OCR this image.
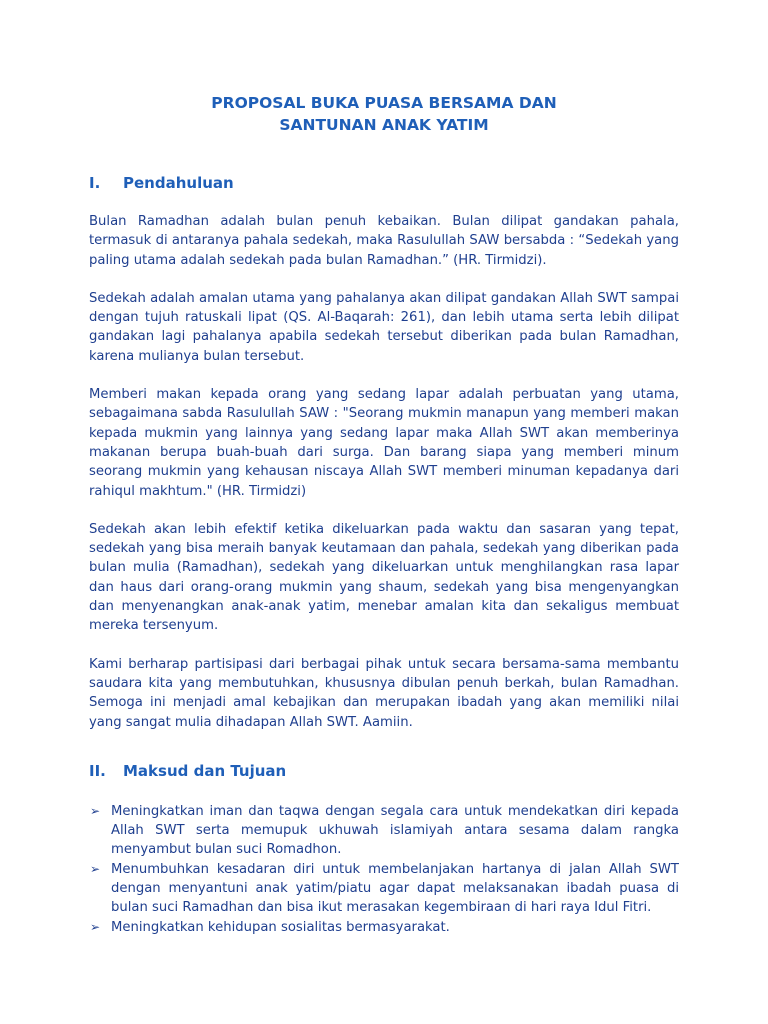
PROPOSAL BUKA PUASA BERSAMA DAN
SANTUNAN ANAK YATIM
I.	Pendahuluan

Bulan Ramadhan adalah bulan penuh kebaikan. Bulan dilipat gandakan pahala, termasuk di antaranya pahala sedekah, maka Rasulullah SAW bersabda : “Sedekah yang paling utama adalah sedekah pada bulan Ramadhan.” (HR. Tirmidzi).

Sedekah adalah amalan utama yang pahalanya akan dilipat gandakan Allah SWT sampai dengan tujuh ratuskali lipat (QS. Al-Baqarah: 261), dan lebih utama serta lebih dilipat gandakan lagi pahalanya apabila sedekah tersebut diberikan pada bulan Ramadhan, karena mulianya bulan tersebut.

Memberi makan kepada orang yang sedang lapar adalah perbuatan yang utama, sebagaimana sabda Rasulullah SAW : "Seorang mukmin manapun yang memberi makan kepada mukmin yang lainnya yang sedang lapar maka Allah SWT akan memberinya makanan berupa buah-buah dari surga. Dan barang siapa yang memberi minum seorang mukmin yang kehausan niscaya Allah SWT memberi minuman kepadanya dari rahiqul makhtum." (HR. Tirmidzi)

Sedekah akan lebih efektif ketika dikeluarkan pada waktu dan sasaran yang tepat, sedekah yang bisa meraih banyak keutamaan dan pahala, sedekah yang diberikan pada bulan mulia (Ramadhan), sedekah yang dikeluarkan untuk menghilangkan rasa lapar dan haus dari orang-orang mukmin yang shaum, sedekah yang bisa mengenyangkan dan menyenangkan anak-anak yatim, menebar amalan kita dan sekaligus membuat mereka tersenyum.

Kami berharap partisipasi dari berbagai pihak untuk secara bersama-sama membantu saudara kita yang membutuhkan, khususnya dibulan penuh berkah, bulan Ramadhan. Semoga ini menjadi amal kebajikan dan merupakan ibadah yang akan memiliki nilai yang sangat mulia dihadapan Allah SWT. Aamiin.

II.	Maksud dan Tujuan
➢ Meningkatkan iman dan taqwa dengan segala cara untuk mendekatkan diri kepada Allah SWT serta memupuk ukhuwah islamiyah antara sesama dalam rangka menyambut bulan suci Romadhon.
➢ Menumbuhkan kesadaran diri untuk membelanjakan hartanya di jalan Allah SWT dengan menyantuni anak yatim/piatu agar dapat melaksanakan ibadah puasa di bulan suci Ramadhan dan bisa ikut merasakan kegembiraan di hari raya Idul Fitri.
➢ Meningkatkan kehidupan sosialitas bermasyarakat.
